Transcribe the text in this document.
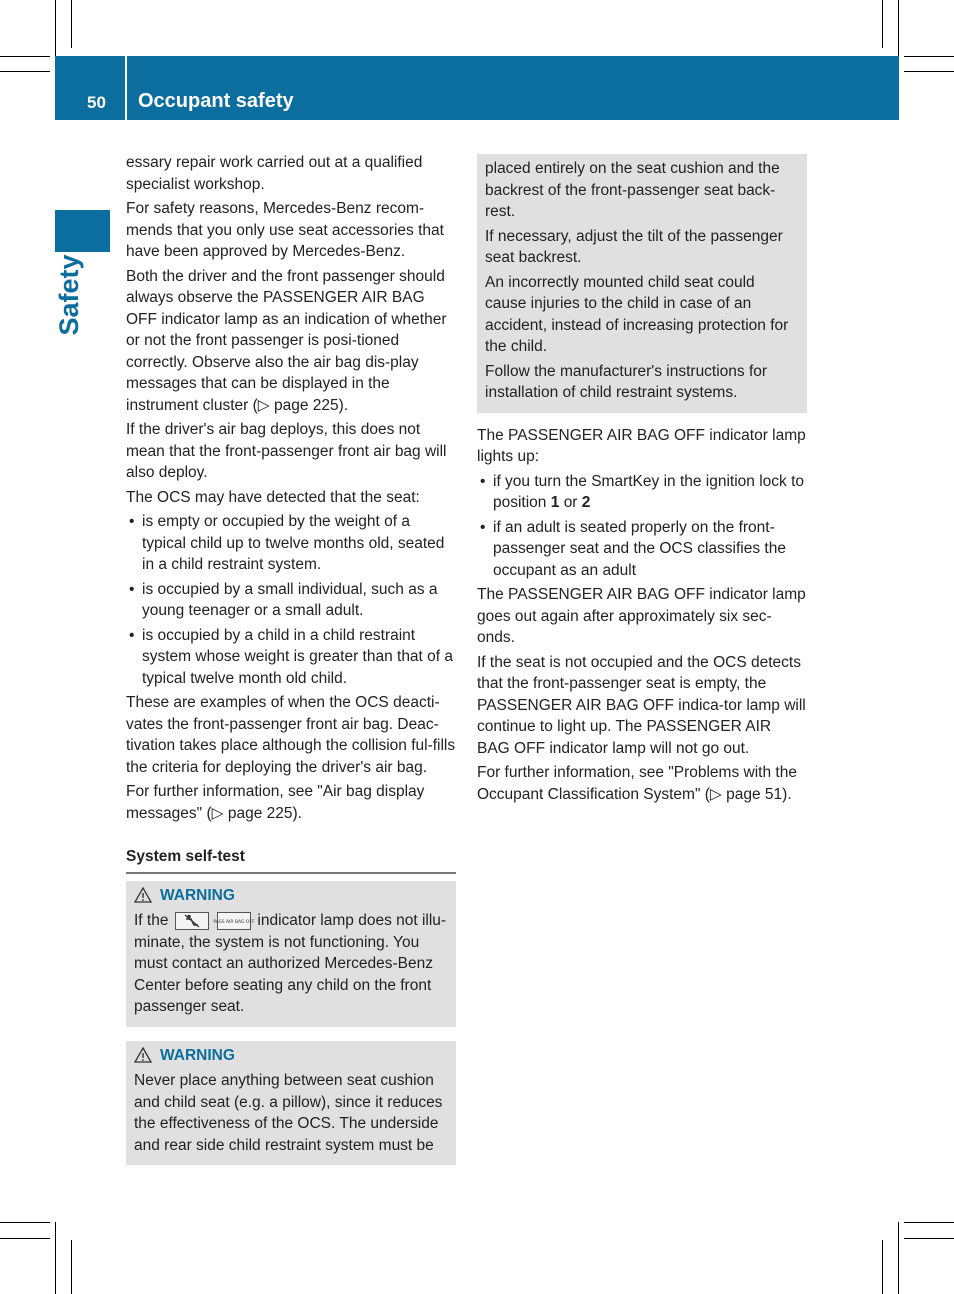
50 Occupant safety
Safety

essary repair work carried out at a qualified specialist workshop.

For safety reasons, Mercedes-Benz recom-mends that you only use seat accessories that have been approved by Mercedes-Benz.

Both the driver and the front passenger should always observe the PASSENGER AIR BAG OFF indicator lamp as an indication of whether or not the front passenger is posi-tioned correctly. Observe also the air bag dis-play messages that can be displayed in the instrument cluster (▷ page 225).

If the driver's air bag deploys, this does not mean that the front-passenger front air bag will also deploy.

The OCS may have detected that the seat:

• is empty or occupied by the weight of a typical child up to twelve months old, seated in a child restraint system.
• is occupied by a small individual, such as a young teenager or a small adult.
• is occupied by a child in a child restraint system whose weight is greater than that of a typical twelve month old child.

These are examples of when the OCS deacti-vates the front-passenger front air bag. Deac-tivation takes place although the collision ful-fills the criteria for deploying the driver's air bag.

For further information, see "Air bag display messages" (▷ page 225).

System self-test
WARNING

If the	PASS AIR BAG OFF indicator lamp does not illu-minate, the system is not functioning. You must contact an authorized Mercedes-Benz Center before seating any child on the front passenger seat.

WARNING

Never place anything between seat cushion and child seat (e.g. a pillow), since it reduces the effectiveness of the OCS. The underside and rear side child restraint system must be

placed entirely on the seat cushion and the backrest of the front-passenger seat back-rest.

If necessary, adjust the tilt of the passenger seat backrest.

An incorrectly mounted child seat could cause injuries to the child in case of an accident, instead of increasing protection for the child.

Follow the manufacturer's instructions for installation of child restraint systems.

The PASSENGER AIR BAG OFF indicator lamp lights up:

• if you turn the SmartKey in the ignition lock to position 1 or 2
• if an adult is seated properly on the front-passenger seat and the OCS classifies the occupant as an adult

The PASSENGER AIR BAG OFF indicator lamp goes out again after approximately six sec-onds.

If the seat is not occupied and the OCS detects that the front-passenger seat is empty, the PASSENGER AIR BAG OFF indica-tor lamp will continue to light up. The PASSENGER AIR BAG OFF indicator lamp will not go out.

For further information, see "Problems with the Occupant Classification System" (▷ page 51).
